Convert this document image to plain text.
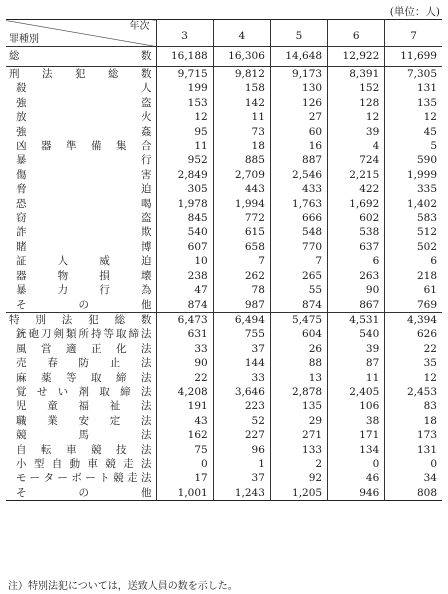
(単位：人)
年次
罪種別	3	4	5	6	7
総　　数	16,188	16,306	14,648	12,922	11,699
刑法犯総数	9,715	9,812	9,173	8,391	7,305
殺人	199	158	130	152	131
強盗	153	142	126	128	135
放火	12	11	27	12	12
強姦	95	73	60	39	45
凶器準備集合	11	18	16	4	5
暴行	952	885	887	724	590
傷害	2,849	2,709	2,546	2,215	1,999
脅迫	305	443	433	422	335
恐喝	1,978	1,994	1,763	1,692	1,402
窃盗	845	772	666	602	583
詐欺	540	615	548	538	512
賭博	607	658	770	637	502
証人威迫	10	7	7	6	6
器物損壊	238	262	265	263	218
暴力行為	47	78	55	90	61
その他	874	987	874	867	769
特別法犯総数	6,473	6,494	5,475	4,531	4,394
銃砲刀剣類所持等取締法	631	755	604	540	626
風営適正化法	33	37	26	39	22
売春防止法	90	144	88	87	35
麻薬等取締法	22	33	13	11	12
覚せい剤取締法	4,208	3,646	2,878	2,405	2,453
児童福祉法	191	223	135	106	83
職業安定法	43	52	29	38	18
競馬法	162	227	271	171	173
自転車競技法	75	96	133	134	131
小型自動車競走法	0	1	2	0	0
モーターボート競走法	17	37	92	46	34
その他	1,001	1,243	1,205	946	808
注）特別法犯については，送致人員の数を示した。
